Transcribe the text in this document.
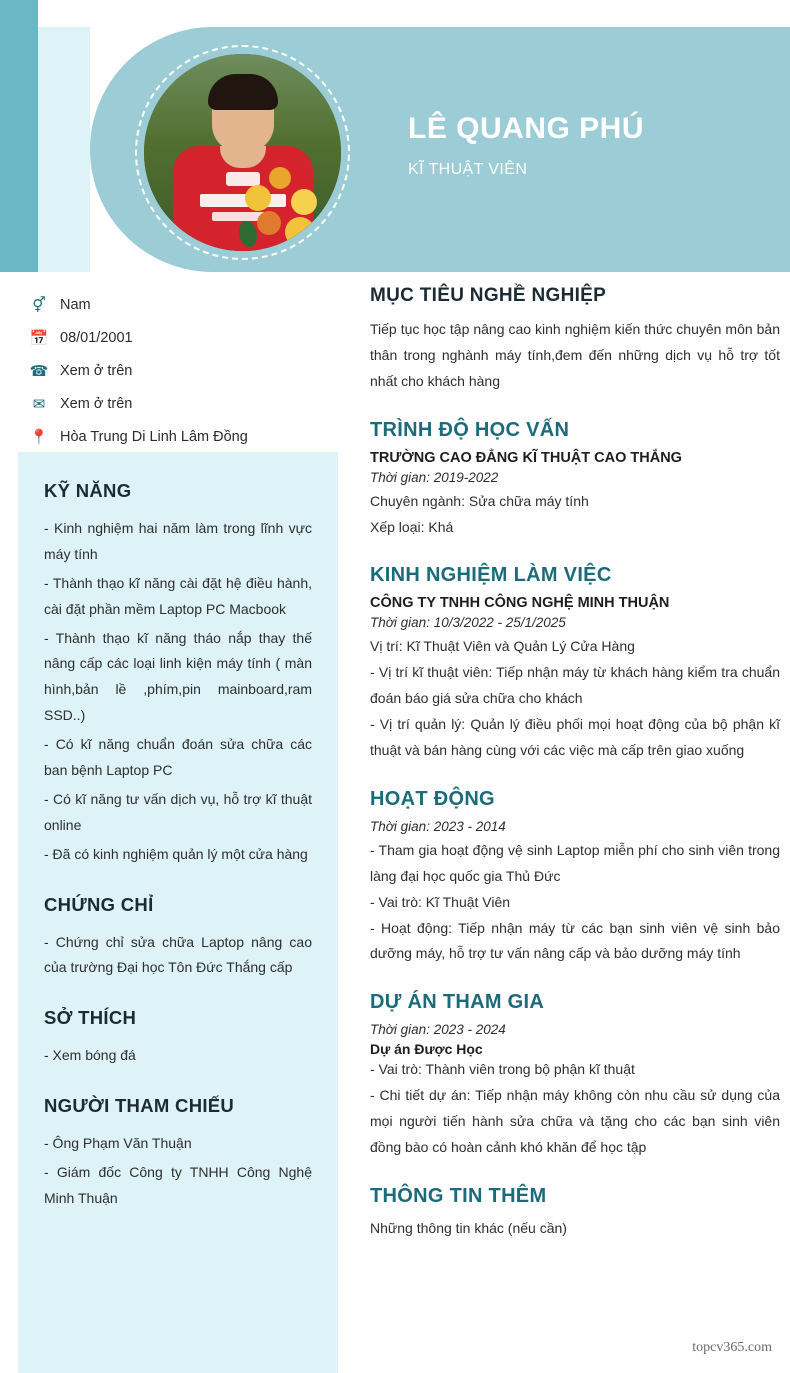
LÊ QUANG PHÚ
KĨ THUẬT VIÊN
⚥ Nam
📅 08/01/2001
☎ Xem ở trên
✉	Xem ở trên
📍 Hòa Trung Di Linh Lâm Đồng
KỸ NĂNG

- Kinh nghiệm hai năm làm trong lĩnh vực máy tính

- Thành thạo kĩ năng cài đặt hệ điều hành, cài đặt phần mềm Laptop PC Macbook

- Thành thạo kĩ năng tháo nắp thay thế nâng cấp các loại linh kiện máy tính ( màn hình,bản lề ,phím,pin mainboard,ram SSD..)

- Có kĩ năng chuẩn đoán sửa chữa các ban bệnh Laptop PC

- Có kĩ năng tư vấn dịch vụ, hỗ trợ kĩ thuật online

- Đã có kinh nghiệm quản lý một cửa hàng

CHỨNG CHỈ

- Chứng chỉ sửa chữa Laptop nâng cao của trường Đại học Tôn Đức Thắng cấp

SỞ THÍCH

- Xem bóng đá

NGƯỜI THAM CHIẾU

- Ông Phạm Văn Thuận

- Giám đốc Công ty TNHH Công Nghệ Minh Thuận

MỤC TIÊU NGHỀ NGHIỆP

Tiếp tục học tập nâng cao kinh nghiệm kiến thức chuyên môn bản thân trong nghành máy tính,đem đến những dịch vụ hỗ trợ tốt nhất cho khách hàng

TRÌNH ĐỘ HỌC VẤN

TRƯỜNG CAO ĐẲNG KĨ THUẬT CAO THẮNG

Thời gian: 2019-2022

Chuyên ngành: Sửa chữa máy tính

Xếp loại: Khá

KINH NGHIỆM LÀM VIỆC

CÔNG TY TNHH CÔNG NGHỆ MINH THUẬN

Thời gian: 10/3/2022 - 25/1/2025

Vị trí: Kĩ Thuật Viên và Quản Lý Cửa Hàng

- Vị trí kĩ thuật viên: Tiếp nhận máy từ khách hàng kiểm tra chuẩn đoán báo giá sửa chữa cho khách

- Vị trí quản lý: Quản lý điều phối mọi hoạt động của bộ phận kĩ thuật và bán hàng cùng với các việc mà cấp trên giao xuống

HOẠT ĐỘNG

Thời gian: 2023 - 2014

- Tham gia hoạt động vệ sinh Laptop miễn phí cho sinh viên trong làng đại học quốc gia Thủ Đức

- Vai trò: Kĩ Thuật Viên

- Hoạt động: Tiếp nhận máy từ các bạn sinh viên vệ sinh bảo dưỡng máy, hỗ trợ tư vấn nâng cấp và bảo dưỡng máy tính

DỰ ÁN THAM GIA

Thời gian: 2023 - 2024

Dự án Được Học

- Vai trò: Thành viên trong bộ phận kĩ thuật

- Chi tiết dự án: Tiếp nhận máy không còn nhu cầu sử dụng của mọi người tiến hành sửa chữa và tặng cho các bạn sinh viên đồng bào có hoàn cảnh khó khăn để học tập

THÔNG TIN THÊM

Những thông tin khác (nếu cần)

topcv365.com
